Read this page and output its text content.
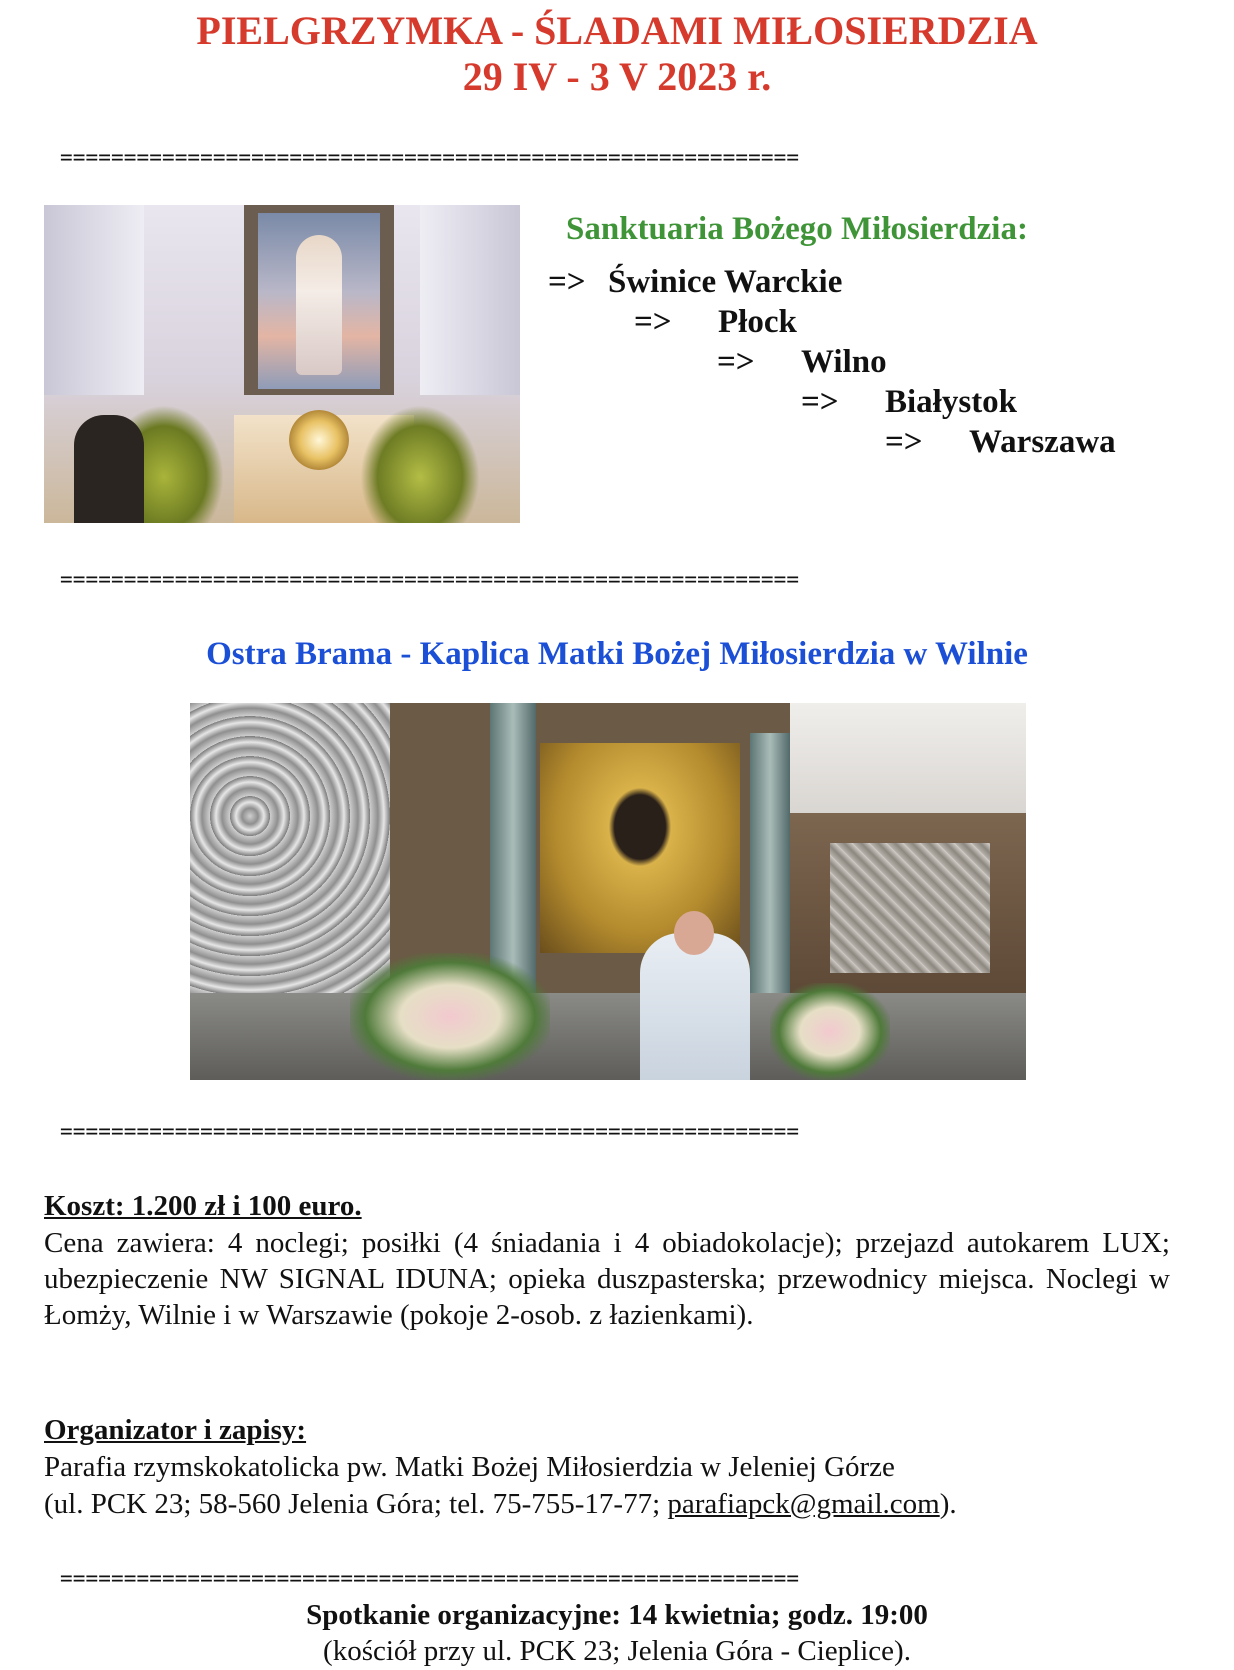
PIELGRZYMKA - ŚLADAMI MIŁOSIERDZIA
29 IV - 3 V 2023 r.
==========================================================
Sanktuaria Bożego Miłosierdzia:
=> Świnice Warckie
=> Płock
=> Wilno
=> Białystok
=> Warszawa
==========================================================
Ostra Brama - Kaplica Matki Bożej Miłosierdzia w Wilnie
==========================================================
Koszt: 1.200 zł i 100 euro.

Cena zawiera: 4 noclegi; posiłki (4 śniadania i 4 obiadokolacje); przejazd autokarem LUX; ubezpieczenie NW SIGNAL IDUNA; opieka duszpasterska; przewodnicy miejsca. Noclegi w Łomży, Wilnie i w Warszawie (pokoje 2-osob. z łazienkami).

Organizator i zapisy:
Parafia rzymskokatolicka pw. Matki Bożej Miłosierdzia w Jeleniej Górze
(ul. PCK 23; 58-560 Jelenia Góra; tel. 75-755-17-77; parafiapck@gmail.com).
==========================================================
Spotkanie organizacyjne: 14 kwietnia; godz. 19:00
(kościół przy ul. PCK 23; Jelenia Góra - Cieplice).
